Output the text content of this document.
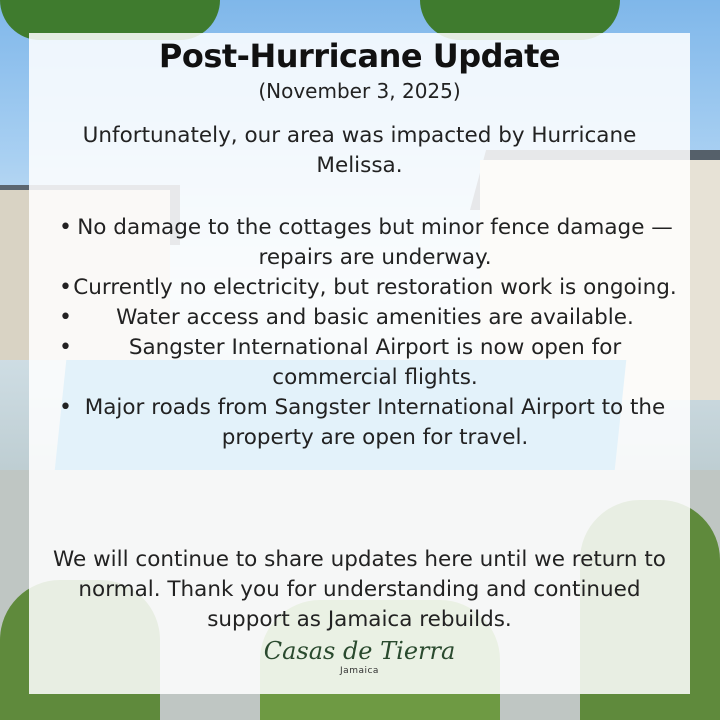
Post-Hurricane Update
(November 3, 2025)
Unfortunately, our area was impacted by Hurricane Melissa.
• No damage to the cottages but minor fence damage — repairs are underway.
• Currently no electricity, but restoration work is ongoing.
• Water access and basic amenities are available.
•	Sangster International Airport is now open for commercial flights.
• Major roads from Sangster International Airport to the property are open for travel.
We will continue to share updates here until we return to normal. Thank you for understanding and continued support as Jamaica rebuilds.
Casas de Tierra
Jamaica
